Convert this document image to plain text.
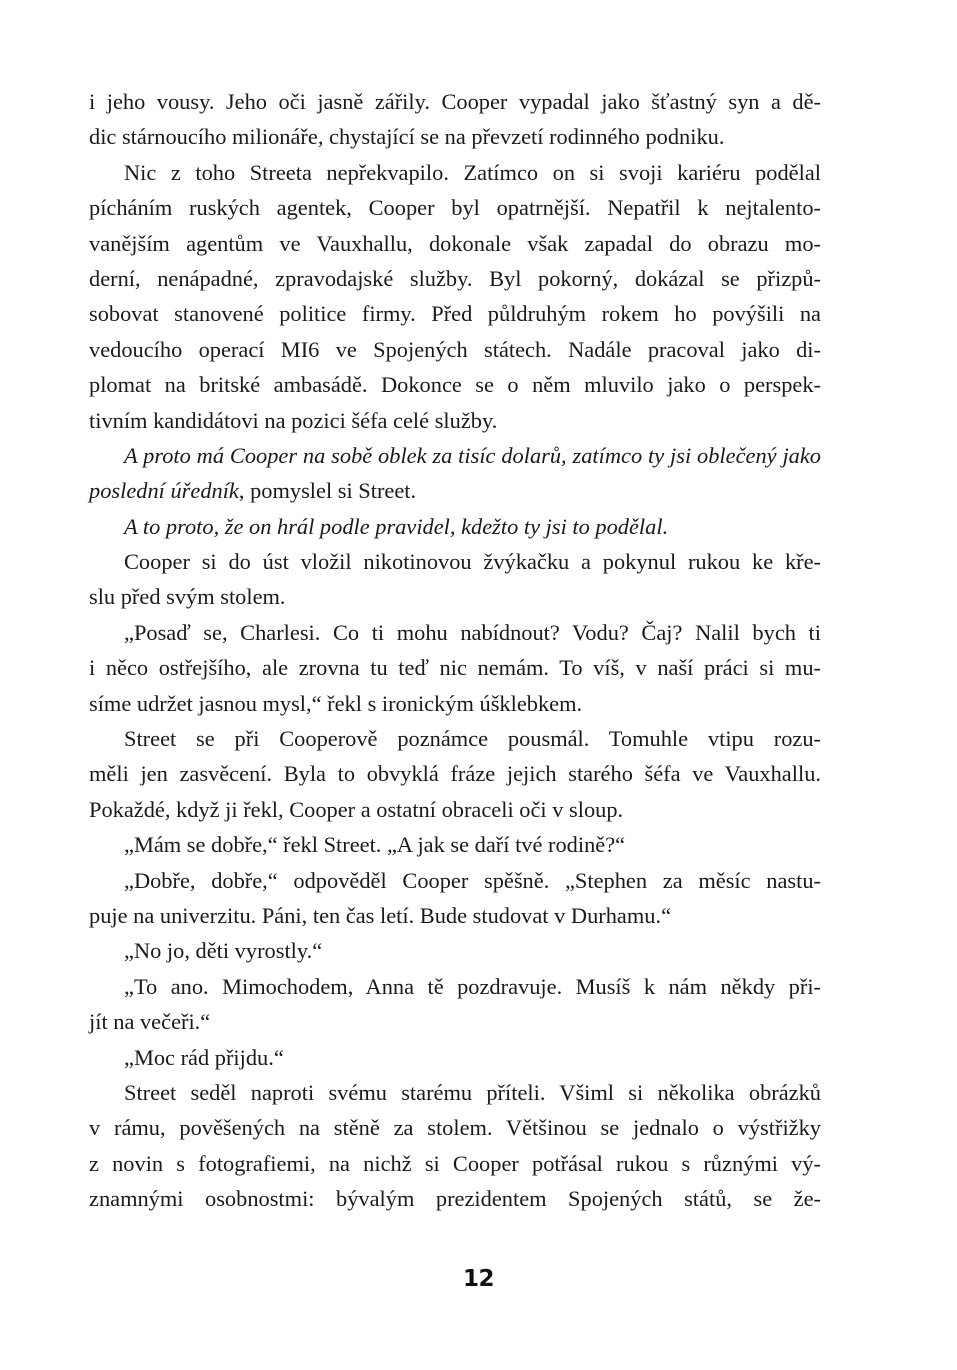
i jeho vousy. Jeho oči jasně zářily. Cooper vypadal jako šťastný syn a dě-
dic stárnoucího milionáře, chystající se na převzetí rodinného podniku.
Nic z toho Streeta nepřekvapilo. Zatímco on si svoji kariéru podělal
pícháním ruských agentek, Cooper byl opatrnější. Nepatřil k nejtalento-
vanějším agentům ve Vauxhallu, dokonale však zapadal do obrazu mo-
derní, nenápadné, zpravodajské služby. Byl pokorný, dokázal se přizpů-
sobovat stanovené politice firmy. Před půldruhým rokem ho povýšili na
vedoucího operací MI6 ve Spojených státech. Nadále pracoval jako di-
plomat na britské ambasádě. Dokonce se o něm mluvilo jako o perspek-
tivním kandidátovi na pozici šéfa celé služby.
A proto má Cooper na sobě oblek za tisíc dolarů, zatímco ty jsi oblečený jako
poslední úředník, pomyslel si Street.
A to proto, že on hrál podle pravidel, kdežto ty jsi to podělal.
Cooper si do úst vložil nikotinovou žvýkačku a pokynul rukou ke kře-
slu před svým stolem.
„Posaď se, Charlesi. Co ti mohu nabídnout? Vodu? Čaj? Nalil bych ti
i něco ostřejšího, ale zrovna tu teď nic nemám. To víš, v naší práci si mu-
síme udržet jasnou mysl,“ řekl s ironickým úšklebkem.
Street se při Cooperově poznámce pousmál. Tomuhle vtipu rozu-
měli jen zasvěcení. Byla to obvyklá fráze jejich starého šéfa ve Vauxhallu.
Pokaždé, když ji řekl, Cooper a ostatní obraceli oči v sloup.
„Mám se dobře,“ řekl Street. „A jak se daří tvé rodině?“
„Dobře, dobře,“ odpověděl Cooper spěšně. „Stephen za měsíc nastu-
puje na univerzitu. Páni, ten čas letí. Bude studovat v Durhamu.“
„No jo, děti vyrostly.“
„To ano. Mimochodem, Anna tě pozdravuje. Musíš k nám někdy při-
jít na večeři.“
„Moc rád přijdu.“
Street seděl naproti svému starému příteli. Všiml si několika obrázků
v rámu, pověšených na stěně za stolem. Většinou se jednalo o výstřižky
z novin s fotografiemi, na nichž si Cooper potřásal rukou s různými vý-
znamnými osobnostmi: bývalým prezidentem Spojených států, se že-
12
